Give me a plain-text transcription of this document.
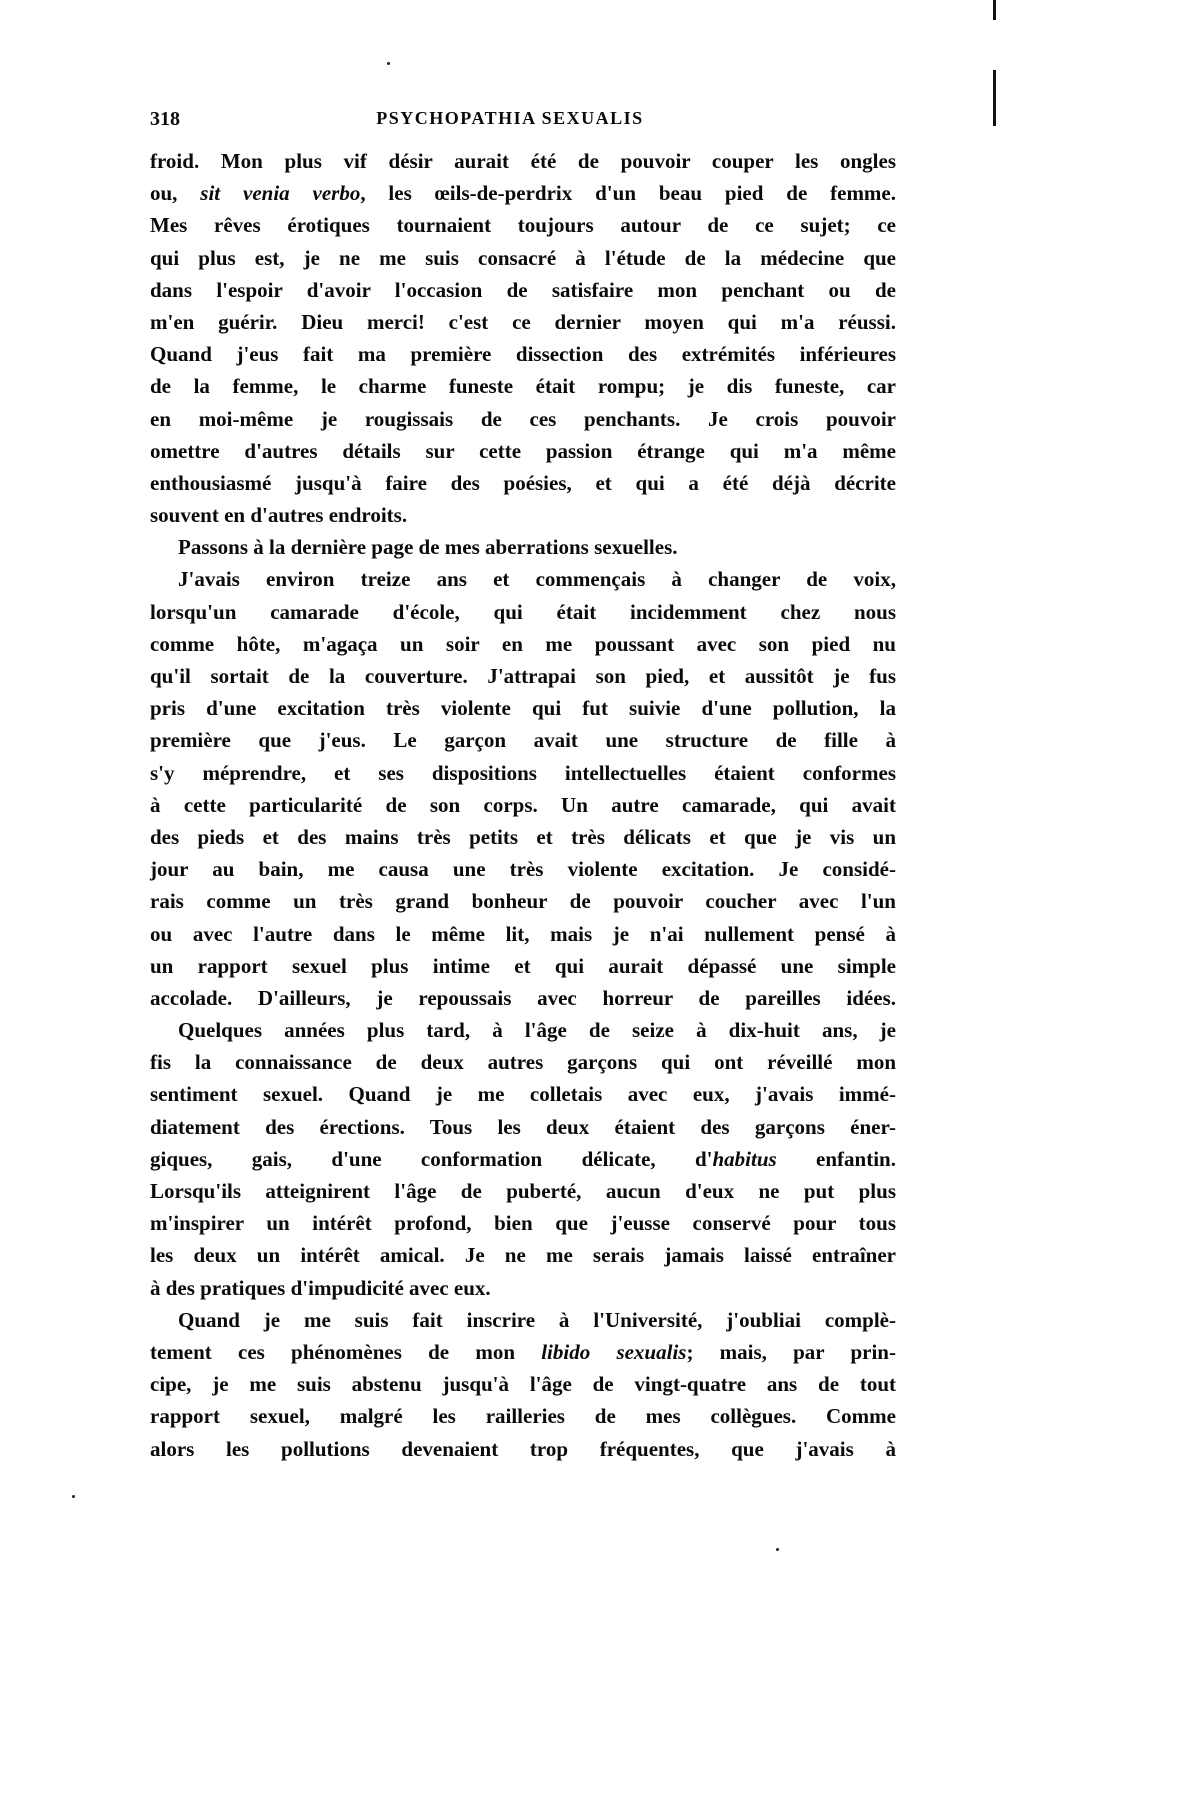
318	PSYCHOPATHIA SEXUALIS
froid. Mon plus vif désir aurait été de pouvoir couper les ongles
ou, sit venia verbo, les œils-de-perdrix d'un beau pied de femme.
Mes rêves érotiques tournaient toujours autour de ce sujet; ce
qui plus est, je ne me suis consacré à l'étude de la médecine que
dans l'espoir d'avoir l'occasion de satisfaire mon penchant ou de
m'en guérir. Dieu merci! c'est ce dernier moyen qui m'a réussi.
Quand j'eus fait ma première dissection des extrémités inférieures
de la femme, le charme funeste était rompu; je dis funeste, car
en moi-même je rougissais de ces penchants. Je crois pouvoir
omettre d'autres détails sur cette passion étrange qui m'a même
enthousiasmé jusqu'à faire des poésies, et qui a été déjà décrite
souvent en d'autres endroits.
Passons à la dernière page de mes aberrations sexuelles.
J'avais environ treize ans et commençais à changer de voix,
lorsqu'un camarade d'école, qui était incidemment chez nous
comme hôte, m'agaça un soir en me poussant avec son pied nu
qu'il sortait de la couverture. J'attrapai son pied, et aussitôt je fus
pris d'une excitation très violente qui fut suivie d'une pollution, la
première que j'eus. Le garçon avait une structure de fille à
s'y méprendre, et ses dispositions intellectuelles étaient conformes
à cette particularité de son corps. Un autre camarade, qui avait
des pieds et des mains très petits et très délicats et que je vis un
jour au bain, me causa une très violente excitation. Je considé-
rais comme un très grand bonheur de pouvoir coucher avec l'un
ou avec l'autre dans le même lit, mais je n'ai nullement pensé à
un rapport sexuel plus intime et qui aurait dépassé une simple
accolade. D'ailleurs, je repoussais avec horreur de pareilles idées.
Quelques années plus tard, à l'âge de seize à dix-huit ans, je
fis la connaissance de deux autres garçons qui ont réveillé mon
sentiment sexuel. Quand je me colletais avec eux, j'avais immé-
diatement des érections. Tous les deux étaient des garçons éner-
giques, gais, d'une conformation délicate, d'habitus enfantin.
Lorsqu'ils atteignirent l'âge de puberté, aucun d'eux ne put plus
m'inspirer un intérêt profond, bien que j'eusse conservé pour tous
les deux un intérêt amical. Je ne me serais jamais laissé entraîner
à des pratiques d'impudicité avec eux.
Quand je me suis fait inscrire à l'Université, j'oubliai complè-
tement ces phénomènes de mon libido sexualis; mais, par prin-
cipe, je me suis abstenu jusqu'à l'âge de vingt-quatre ans de tout
rapport sexuel, malgré les railleries de mes collègues. Comme
alors les pollutions devenaient trop fréquentes, que j'avais à
